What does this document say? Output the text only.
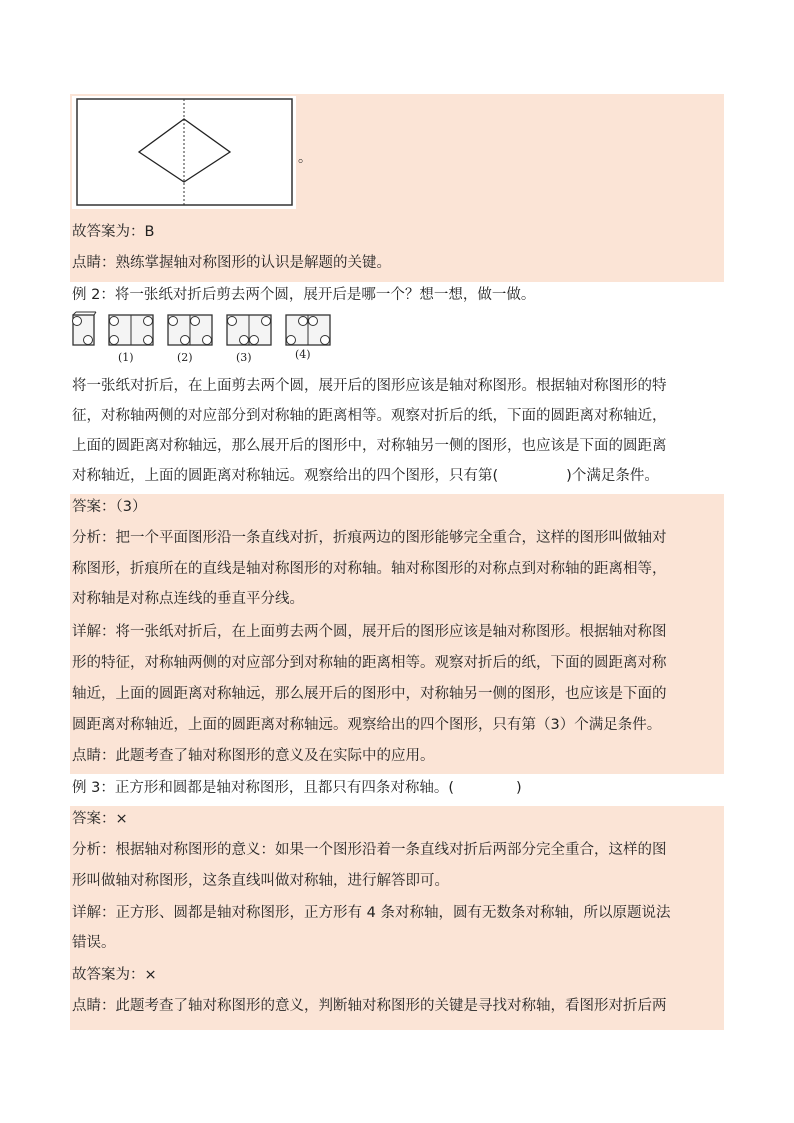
。
故答案为：B
点睛：熟练掌握轴对称图形的认识是解题的关键。
例 2：将一张纸对折后剪去两个圆，展开后是哪一个？想一想，做一做。
(1)	(2)	(3)	(4)
将一张纸对折后，在上面剪去两个圆，展开后的图形应该是轴对称图形。根据轴对称图形的特
征，对称轴两侧的对应部分到对称轴的距离相等。观察对折后的纸，下面的圆距离对称轴近，
上面的圆距离对称轴远，那么展开后的图形中，对称轴另一侧的图形，也应该是下面的圆距离
对称轴近，上面的圆距离对称轴远。观察给出的四个图形，只有第(	)个满足条件。
答案：（3）
分析：把一个平面图形沿一条直线对折，折痕两边的图形能够完全重合，这样的图形叫做轴对
称图形，折痕所在的直线是轴对称图形的对称轴。轴对称图形的对称点到对称轴的距离相等，
对称轴是对称点连线的垂直平分线。
详解：将一张纸对折后，在上面剪去两个圆，展开后的图形应该是轴对称图形。根据轴对称图
形的特征，对称轴两侧的对应部分到对称轴的距离相等。观察对折后的纸，下面的圆距离对称
轴近，上面的圆距离对称轴远，那么展开后的图形中，对称轴另一侧的图形，也应该是下面的
圆距离对称轴近，上面的圆距离对称轴远。观察给出的四个图形，只有第（3）个满足条件。
点睛：此题考查了轴对称图形的意义及在实际中的应用。
例 3：正方形和圆都是轴对称图形，且都只有四条对称轴。(	)
答案：×
分析：根据轴对称图形的意义：如果一个图形沿着一条直线对折后两部分完全重合，这样的图
形叫做轴对称图形，这条直线叫做对称轴，进行解答即可。
详解：正方形、圆都是轴对称图形，正方形有 4 条对称轴，圆有无数条对称轴，所以原题说法
错误。
故答案为：×
点睛：此题考查了轴对称图形的意义，判断轴对称图形的关键是寻找对称轴，看图形对折后两
